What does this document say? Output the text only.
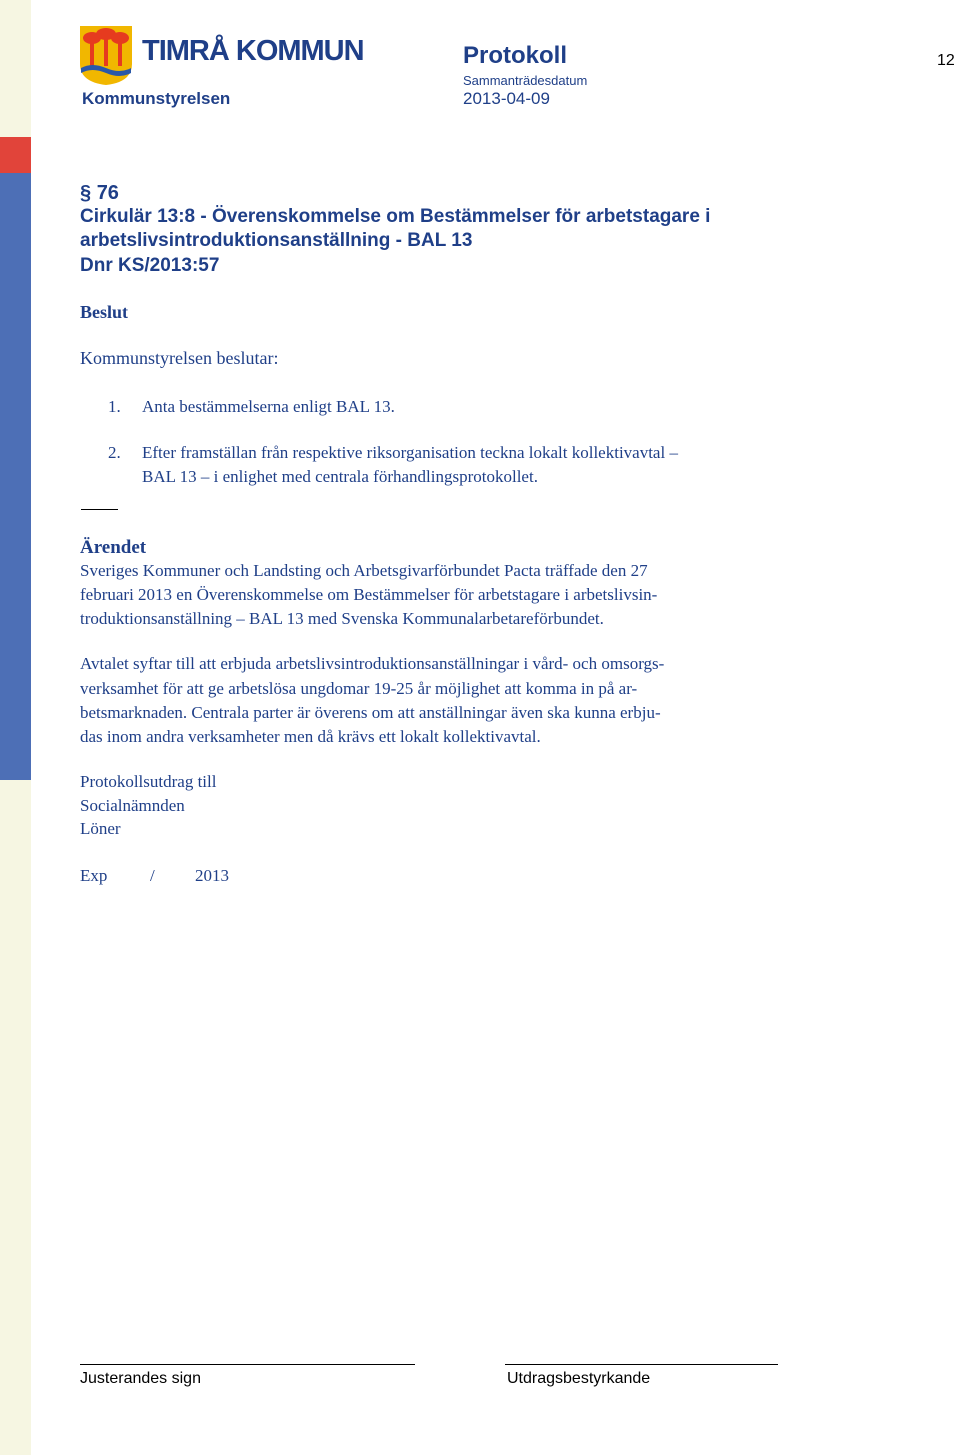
TIMRÅ KOMMUN
Kommunstyrelsen
Protokoll
Sammanträdesdatum
2013-04-09
12
§ 76
Cirkulär 13:8 - Överenskommelse om Bestämmelser för arbetstagare i
arbetslivsintroduktionsanställning - BAL 13
Dnr KS/2013:57
Beslut
Kommunstyrelsen beslutar:
1. Anta bestämmelserna enligt BAL 13.
2. Efter framställan från respektive riksorganisation teckna lokalt kollektivavtal –
BAL 13 – i enlighet med centrala förhandlingsprotokollet.
Ärendet
Sveriges Kommuner och Landsting och Arbetsgivarförbundet Pacta träffade den 27
februari 2013 en Överenskommelse om Bestämmelser för arbetstagare i arbetslivsin-
troduktionsanställning – BAL 13 med Svenska Kommunalarbetareförbundet.
Avtalet syftar till att erbjuda arbetslivsintroduktionsanställningar i vård- och omsorgs-
verksamhet för att ge arbetslösa ungdomar 19-25 år möjlighet att komma in på ar-
betsmarknaden. Centrala parter är överens om att anställningar även ska kunna erbju-
das inom andra verksamheter men då krävs ett lokalt kollektivavtal.
Protokollsutdrag till
Socialnämnden
Löner
Exp	/ 2013
Justerandes sign	Utdragsbestyrkande
